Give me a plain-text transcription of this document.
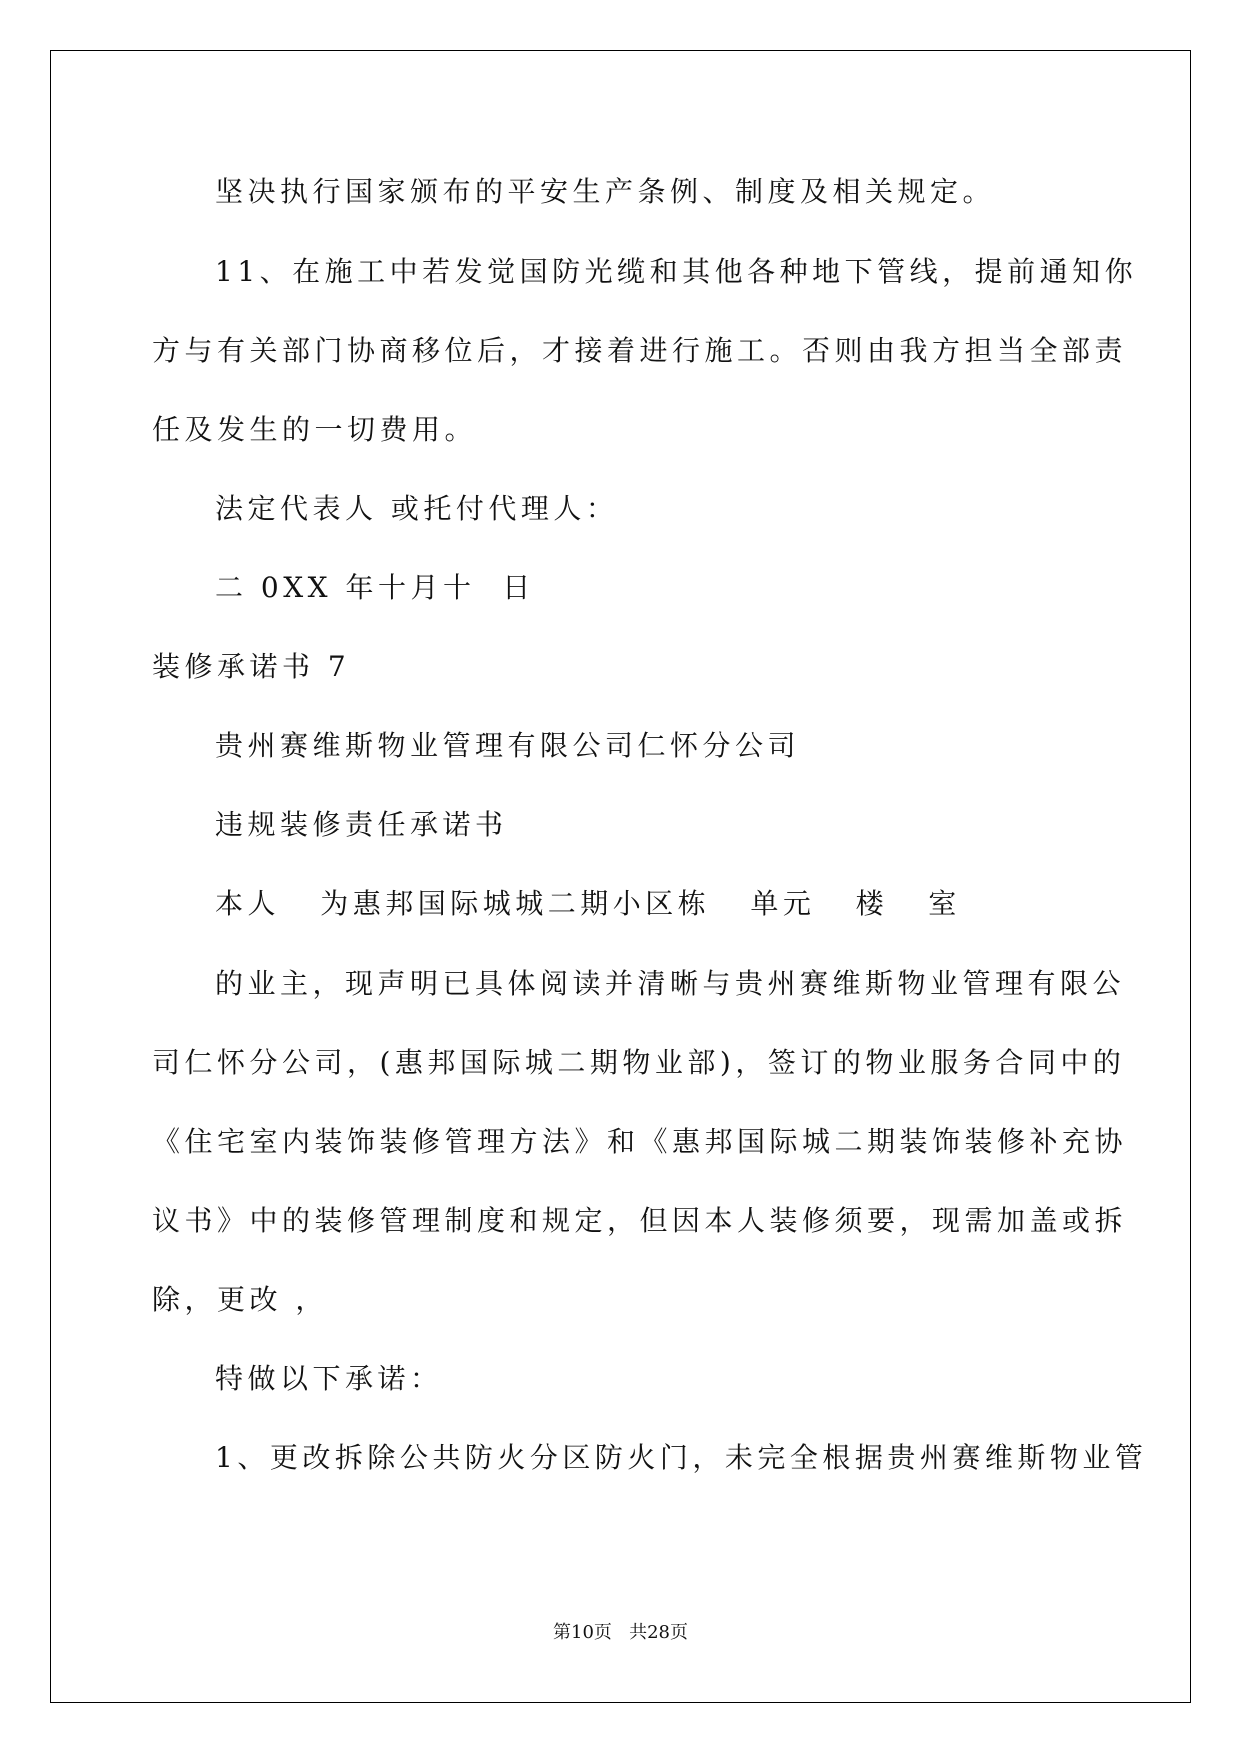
坚决执行国家颁布的平安生产条例、制度及相关规定。
11、在施工中若发觉国防光缆和其他各种地下管线，提前通知你
方与有关部门协商移位后，才接着进行施工。否则由我方担当全部责
任及发生的一切费用。
法定代表人 或托付代理人：
二 0XX 年十月十  日
装修承诺书 7
贵州赛维斯物业管理有限公司仁怀分公司
违规装修责任承诺书
本人   为惠邦国际城城二期小区栋   单元   楼   室
的业主，现声明已具体阅读并清晰与贵州赛维斯物业管理有限公
司仁怀分公司，(惠邦国际城二期物业部)，签订的物业服务合同中的
《住宅室内装饰装修管理方法》和《惠邦国际城二期装饰装修补充协
议书》中的装修管理制度和规定，但因本人装修须要，现需加盖或拆
除，更改 ，
特做以下承诺：
1、更改拆除公共防火分区防火门，未完全根据贵州赛维斯物业管
第10页   共28页
